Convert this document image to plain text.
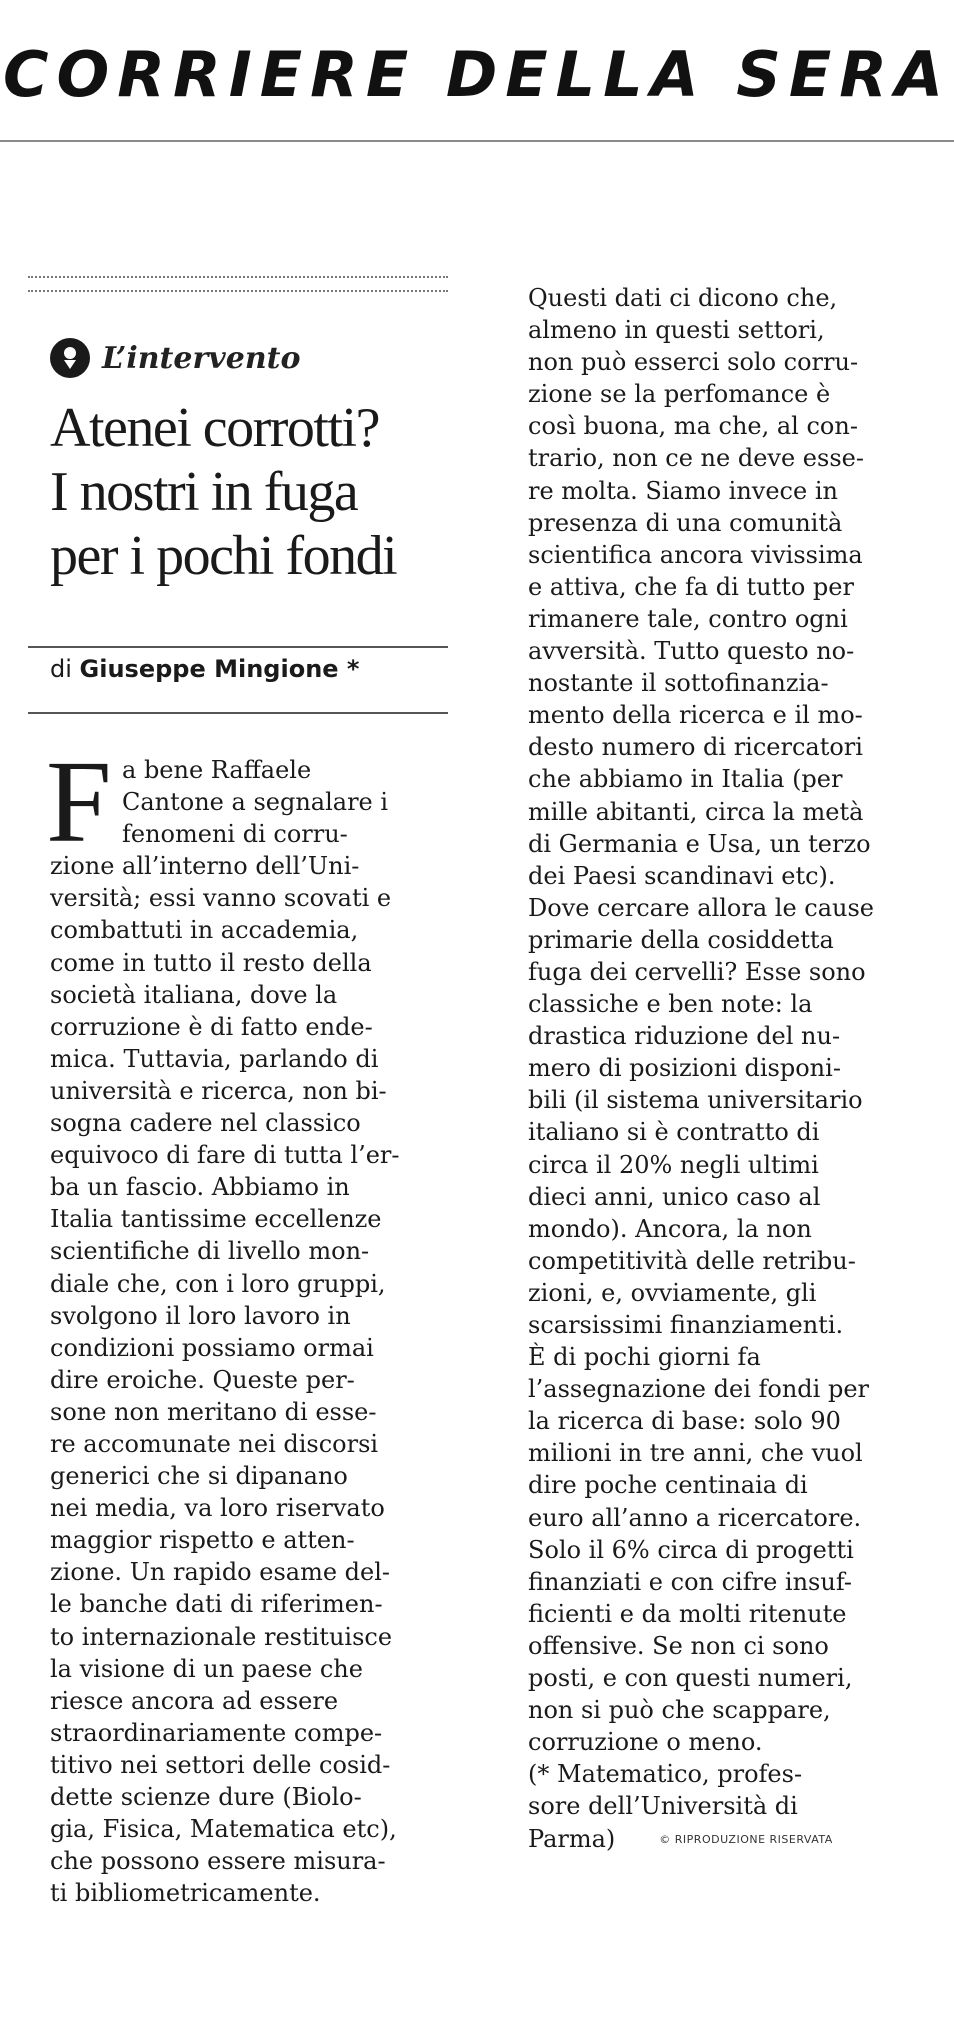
CORRIERE DELLA SERA
L’intervento
Atenei corrotti?
I nostri in fuga
per i pochi fondi
di Giuseppe Mingione *
F a bene Raffaele
Cantone a segnalare i
fenomeni di corru-
zione all’interno dell’Uni-
versità; essi vanno scovati e
combattuti in accademia,
come in tutto il resto della
società italiana, dove la
corruzione è di fatto ende-
mica. Tuttavia, parlando di
università e ricerca, non bi-
sogna cadere nel classico
equivoco di fare di tutta l’er-
ba un fascio. Abbiamo in
Italia tantissime eccellenze
scientifiche di livello mon-
diale che, con i loro gruppi,
svolgono il loro lavoro in
condizioni possiamo ormai
dire eroiche. Queste per-
sone non meritano di esse-
re accomunate nei discorsi
generici che si dipanano
nei media, va loro riservato
maggior rispetto e atten-
zione. Un rapido esame del-
le banche dati di riferimen-
to internazionale restituisce
la visione di un paese che
riesce ancora ad essere
straordinariamente compe-
titivo nei settori delle cosid-
dette scienze dure (Biolo-
gia, Fisica, Matematica etc),
che possono essere misura-
ti bibliometricamente.
Questi dati ci dicono che,
almeno in questi settori,
non può esserci solo corru-
zione se la perfomance è
così buona, ma che, al con-
trario, non ce ne deve esse-
re molta. Siamo invece in
presenza di una comunità
scientifica ancora vivissima
e attiva, che fa di tutto per
rimanere tale, contro ogni
avversità. Tutto questo no-
nostante il sottofinanzia-
mento della ricerca e il mo-
desto numero di ricercatori
che abbiamo in Italia (per
mille abitanti, circa la metà
di Germania e Usa, un terzo
dei Paesi scandinavi etc).
Dove cercare allora le cause
primarie della cosiddetta
fuga dei cervelli? Esse sono
classiche e ben note: la
drastica riduzione del nu-
mero di posizioni disponi-
bili (il sistema universitario
italiano si è contratto di
circa il 20% negli ultimi
dieci anni, unico caso al
mondo). Ancora, la non
competitività delle retribu-
zioni, e, ovviamente, gli
scarsissimi finanziamenti.
È di pochi giorni fa
l’assegnazione dei fondi per
la ricerca di base: solo 90
milioni in tre anni, che vuol
dire poche centinaia di
euro all’anno a ricercatore.
Solo il 6% circa di progetti
finanziati e con cifre insuf-
ficienti e da molti ritenute
offensive. Se non ci sono
posti, e con questi numeri,
non si può che scappare,
corruzione o meno.
(* Matematico, profes-
sore dell’Università di
Parma)	© RIPRODUZIONE RISERVATA
